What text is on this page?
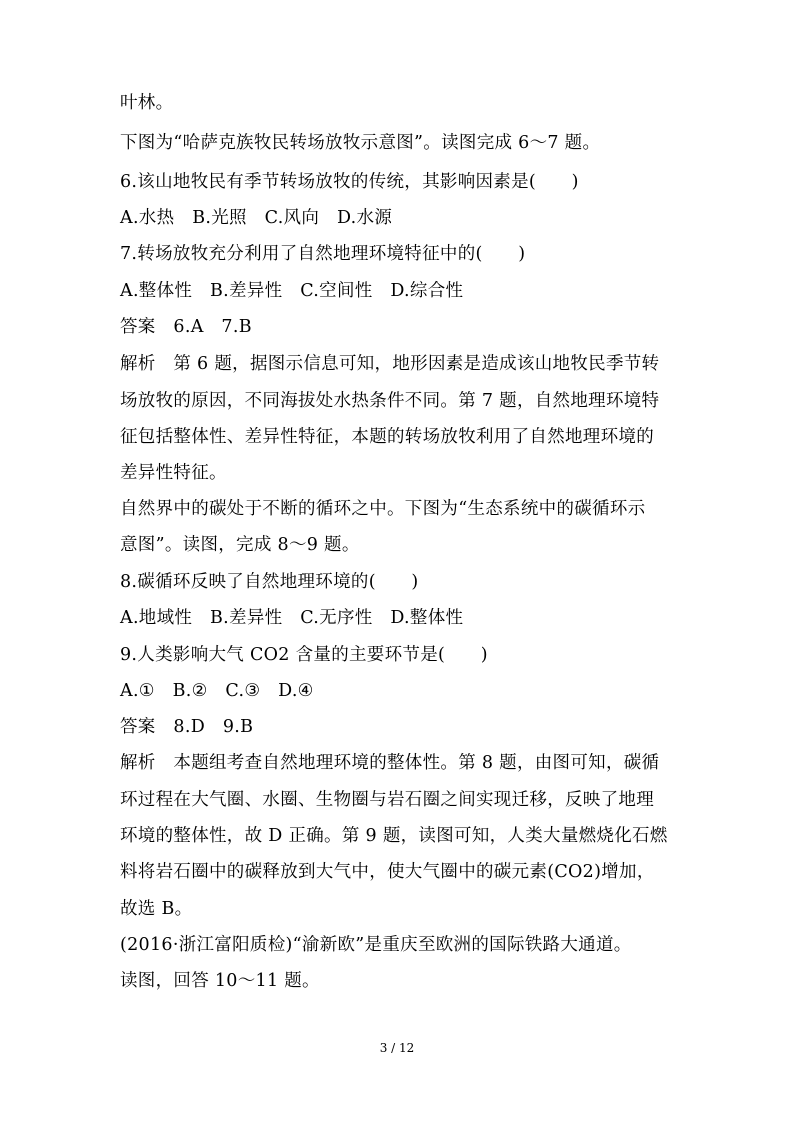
叶林。
下图为“哈萨克族牧民转场放牧示意图”。读图完成 6～7 题。
6.该山地牧民有季节转场放牧的传统，其影响因素是(　　)
A.水热　B.光照　C.风向　D.水源
7.转场放牧充分利用了自然地理环境特征中的(　　)
A.整体性　B.差异性　C.空间性　D.综合性
答案　6.A　7.B
解析　第 6 题，据图示信息可知，地形因素是造成该山地牧民季节转
场放牧的原因，不同海拔处水热条件不同。第 7 题，自然地理环境特
征包括整体性、差异性特征，本题的转场放牧利用了自然地理环境的
差异性特征。
自然界中的碳处于不断的循环之中。下图为“生态系统中的碳循环示
意图”。读图，完成 8～9 题。
8.碳循环反映了自然地理环境的(　　)
A.地域性　B.差异性　C.无序性　D.整体性
9.人类影响大气 CO2 含量的主要环节是(　　)
A.①　B.②　C.③　D.④
答案　8.D　9.B
解析　本题组考查自然地理环境的整体性。第 8 题，由图可知，碳循
环过程在大气圈、水圈、生物圈与岩石圈之间实现迁移，反映了地理
环境的整体性，故 D 正确。第 9 题，读图可知，人类大量燃烧化石燃
料将岩石圈中的碳释放到大气中，使大气圈中的碳元素(CO2)增加，
故选 B。
(2016·浙江富阳质检)“渝新欧”是重庆至欧洲的国际铁路大通道。
读图，回答 10～11 题。
3 / 12
